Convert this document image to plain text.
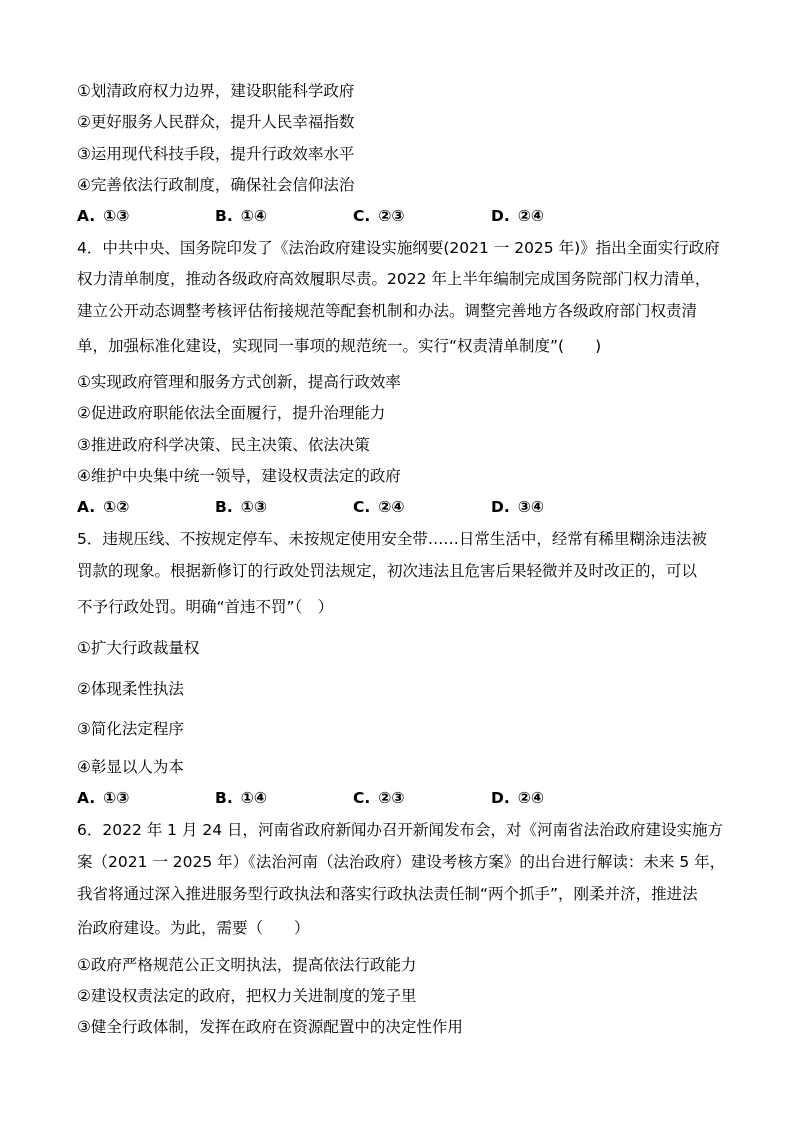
①划清政府权力边界，建设职能科学政府
②更好服务人民群众，提升人民幸福指数
③运用现代科技手段，提升行政效率水平
④完善依法行政制度，确保社会信仰法治
A. ①③	B. ①④	C. ②③	D. ②④
4．中共中央、国务院印发了《法治政府建设实施纲要(2021 一 2025 年)》指出全面实行政府
权力清单制度，推动各级政府高效履职尽责。2022 年上半年编制完成国务院部门权力清单，
建立公开动态调整考核评估衔接规范等配套机制和办法。调整完善地方各级政府部门权责清
单，加强标准化建设，实现同一事项的规范统一。实行“权责清单制度”(　　)
①实现政府管理和服务方式创新，提高行政效率
②促进政府职能依法全面履行，提升治理能力
③推进政府科学决策、民主决策、依法决策
④维护中央集中统一领导，建设权责法定的政府
A. ①②	B. ①③	C. ②④	D. ③④
5．违规压线、不按规定停车、未按规定使用安全带……日常生活中，经常有稀里糊涂违法被
罚款的现象。根据新修订的行政处罚法规定，初次违法且危害后果轻微并及时改正的，可以
不予行政处罚。明确“首违不罚”（　）
①扩大行政裁量权
②体现柔性执法
③简化法定程序
④彰显以人为本
A. ①③	B. ①④	C. ②③	D. ②④
6．2022 年 1 月 24 日，河南省政府新闻办召开新闻发布会，对《河南省法治政府建设实施方
案（2021 一 2025 年）《法治河南（法治政府）建设考核方案》的出台进行解读：未来 5 年，
我省将通过深入推进服务型行政执法和落实行政执法责任制“两个抓手”，刚柔并济，推进法
治政府建设。为此，需要（　　）
①政府严格规范公正文明执法，提高依法行政能力
②建设权责法定的政府，把权力关进制度的笼子里
③健全行政体制，发挥在政府在资源配置中的决定性作用
